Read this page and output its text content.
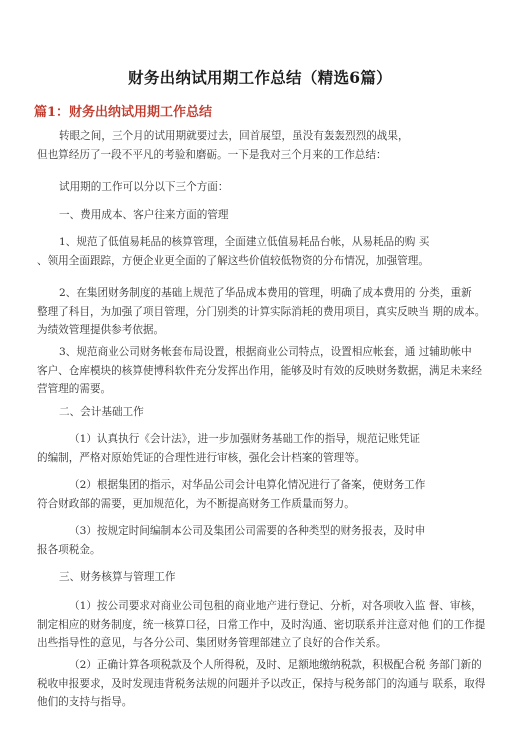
财务出纳试用期工作总结（精选6篇）
篇1：财务出纳试用期工作总结
转眼之间，三个月的试用期就要过去，回首展望，虽没有轰轰烈烈的战果，
但也算经历了一段不平凡的考验和磨砺。一下是我对三个月来的工作总结：
试用期的工作可以分以下三个方面：
一、费用成本、客户往来方面的管理
1、规范了低值易耗品的核算管理，全面建立低值易耗品台帐，从易耗品的购 买
、领用全面跟踪，方便企业更全面的了解这些价值较低物资的分布情况，加强管理。
2、在集团财务制度的基础上规范了华品成本费用的管理，明确了成本费用的 分类，重新
整理了科目，为加强了项目管理，分门别类的计算实际消耗的费用项目，真实反映当 期的成本。
为绩效管理提供参考依据。
3、规范商业公司财务帐套布局设置，根据商业公司特点，设置相应帐套，通 过辅助帐中
客户、仓库模块的核算使博科软件充分发挥出作用，能够及时有效的反映财务数据，满足未来经
营管理的需要。
二、会计基础工作
（1）认真执行《会计法》，进一步加强财务基础工作的指导，规范记账凭证
的编制，严格对原始凭证的合理性进行审核，强化会计档案的管理等。
（2）根据集团的指示，对华品公司会计电算化情况进行了备案，使财务工作
符合财政部的需要，更加规范化，为不断提高财务工作质量而努力。
（3）按规定时间编制本公司及集团公司需要的各种类型的财务报表，及时申
报各项税金。
三、财务核算与管理工作
（1）按公司要求对商业公司包租的商业地产进行登记、分析，对各项收入监 督、审核，
制定相应的财务制度，统一核算口径，日常工作中，及时沟通、密切联系并注意对他 们的工作提
出些指导性的意见，与各分公司、集团财务管理部建立了良好的合作关系。
（2）正确计算各项税款及个人所得税，及时、足额地缴纳税款，积极配合税 务部门新的
税收申报要求，及时发现违背税务法规的问题并予以改正，保持与税务部门的沟通与 联系，取得
他们的支持与指导。
